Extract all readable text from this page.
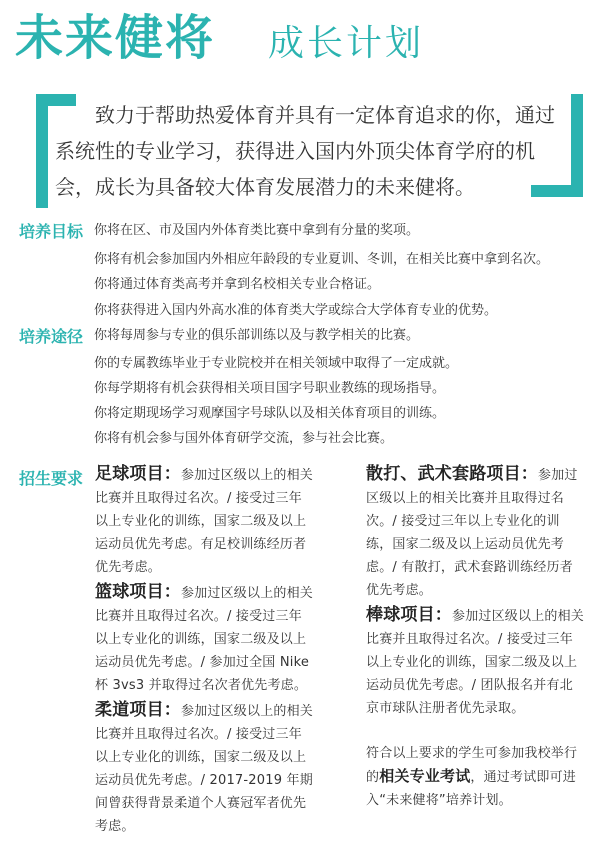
未来健将 成长计划

致力于帮助热爱体育并具有一定体育追求的你，通过系统性的专业学习，获得进入国内外顶尖体育学府的机会，成长为具备较大体育发展潜力的未来健将。

培养目标 你将在区、市及国内外体育类比赛中拿到有分量的奖项。
你将有机会参加国内外相应年龄段的专业夏训、冬训，在相关比赛中拿到名次。
你将通过体育类高考并拿到名校相关专业合格证。
你将获得进入国内外高水准的体育类大学或综合大学体育专业的优势。
培养途径 你将每周参与专业的俱乐部训练以及与教学相关的比赛。
你的专属教练毕业于专业院校并在相关领域中取得了一定成就。
你每学期将有机会获得相关项目国字号职业教练的现场指导。
你将定期现场学习观摩国字号球队以及相关体育项目的训练。
你将有机会参与国外体育研学交流，参与社会比赛。
招生要求 足球项目：参加过区级以上的相关比赛并且取得过名次。/ 接受过三年以上专业化的训练，国家二级及以上运动员优先考虑。有足校训练经历者优先考虑。

篮球项目：参加过区级以上的相关比赛并且取得过名次。/ 接受过三年以上专业化的训练，国家二级及以上运动员优先考虑。/ 参加过全国 Nike 杯 3vs3 并取得过名次者优先考虑。

柔道项目：参加过区级以上的相关比赛并且取得过名次。/ 接受过三年以上专业化的训练，国家二级及以上运动员优先考虑。/ 2017-2019 年期间曾获得背景柔道个人赛冠军者优先考虑。

散打、武术套路项目：参加过区级以上的相关比赛并且取得过名次。/ 接受过三年以上专业化的训练，国家二级及以上运动员优先考虑。/ 有散打，武术套路训练经历者优先考虑。

棒球项目：参加过区级以上的相关比赛并且取得过名次。/ 接受过三年以上专业化的训练，国家二级及以上运动员优先考虑。/ 团队报名并有北京市球队注册者优先录取。

符合以上要求的学生可参加我校举行的相关专业考试，通过考试即可进入“未来健将”培养计划。
